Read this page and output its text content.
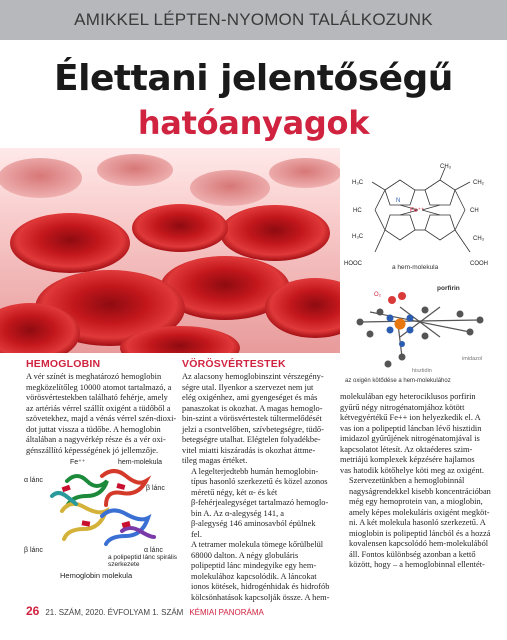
AMIKKEL LÉPTEN-NYOMON TALÁLKOZUNK
Élettani jelentőségű
hatóanyagok
H₃C
CH₃
CH₂
HC	CH
H₃C	CH₃
Fe⁺⁺
HOOC	COOH
N
a hem-molekula
O₂
porfirin
imidazol
hisztidin
az oxigén kötődése a hem-molekulához
HEMOGLOBIN

A vér színét is meghatározó hemoglobin
megközelítőleg 10000 atomot tartalmazó, a
vörösvértestekben található fehérje, amely
az artériás vérrel szállít oxigént a tüdőből a
szövetekhez, majd a vénás vérrel szén-dioxi-
dot juttat vissza a tüdőbe. A hemoglobin
általában a nagyvérkép része és a vér oxi-
génszállító képességének jó jellemzője.

Fe⁺⁺	hem-molekula
α lánc
β lánc
β lánc	α lánc
a polipeptid lánc spirális szerkezete
Hemoglobin molekula
VÖRÖSVÉRTESTEK

Az alacsony hemoglobinszint vérszegény-
ségre utal. Ilyenkor a szervezet nem jut
elég oxigénhez, ami gyengeséget és más
panaszokat is okozhat. A magas hemoglo-
bin-szint a vörösvértestek túltermelődését
jelzi a csontvelőben, szívbetegségre, tüdő-
betegségre utalhat. Elégtelen folyadékbe-
vitel miatti kiszáradás is okozhat áttme-
tileg magas értéket.

A legelterjedtebb humán hemoglobin-
típus hasonló szerkezetű és közel azonos
méretű négy, két α- és két
β-fehérjealegységet tartalmazó hemoglo-
bin A. Az α-alegység 141, a
β-alegység 146 aminosavból épülnek
fel.

A tetramer molekula tömege kőrülbelül
68000 dalton. A négy globuláris
polipeptid lánc mindegyike egy hem-
molekulához kapcsolódik. A láncokat
ionos kötések, hidrogénhidak és hidrofób
kölcsönhatások kapcsolják össze. A hem-

molekulában egy heterociklusos porfirin
gyűrű négy nitrogénatomjához kötött
kétvegyértékű Fe++ ion helyezkedik el. A
vas ion a polipeptid láncban lévő hisztidin
imidazol gyűrűjének nitrogénatomjával is
kapcsolatot létesít. Az oktaéderes szim-
metriájú komplexek képzésére hajlamos
vas hatodik kötőhelye köti meg az oxigént.

Szervezetünkben a hemoglobinnál
nagyságrendekkel kisebb koncentrációban
még egy hemoprotein van, a mioglobin,
amely képes molekuláris oxigént megköt-
ni. A két molekula hasonló szerkezetű. A
mioglobin is polipeptid láncból és a hozzá
kovalensen kapcsolódó hem-molekulából
áll. Fontos különbség azonban a kettő
között, hogy – a hemoglobinnal ellentét-

26 21. SZÁM, 2020. ÉVFOLYAM 1. SZÁM KÉMIAI PANORÁMA
